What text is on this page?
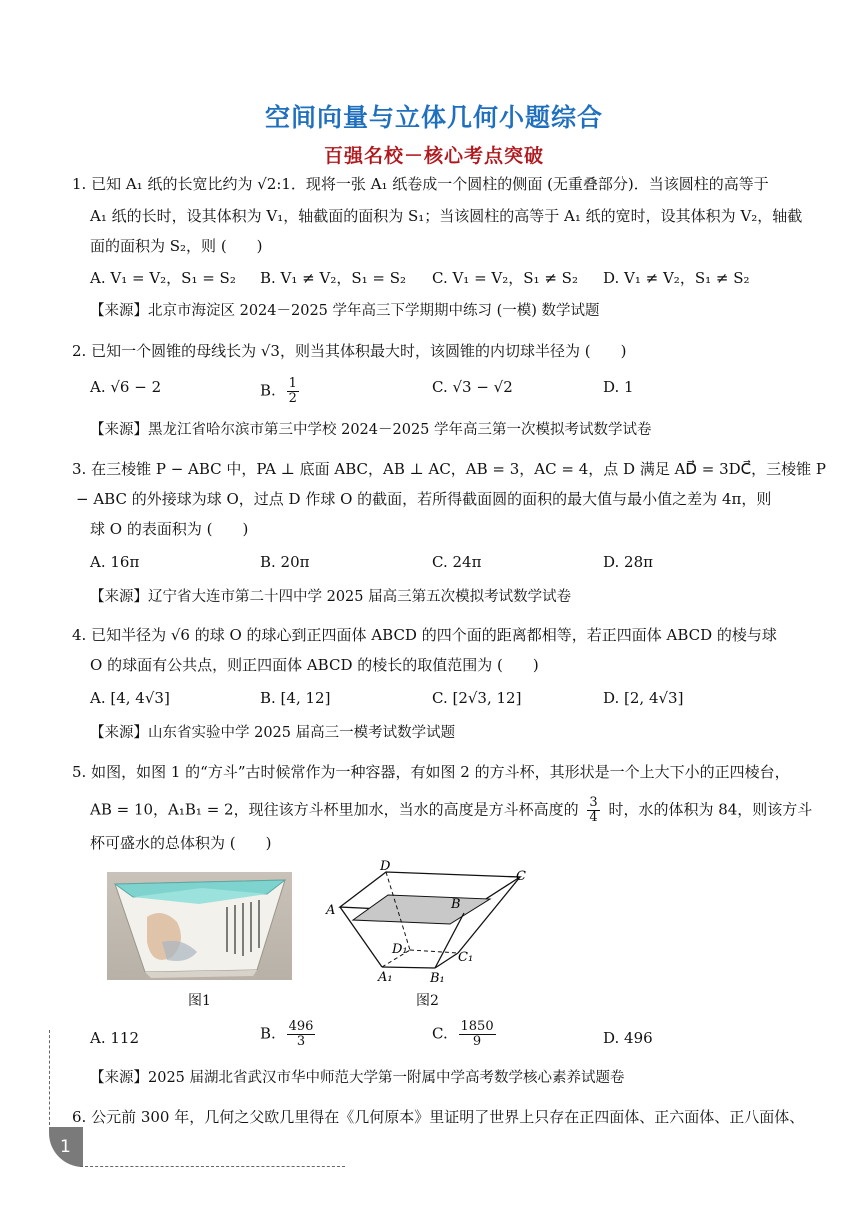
空间向量与立体几何小题综合
百强名校－核心考点突破
1. 已知 A₁ 纸的长宽比约为 √2:1．现将一张 A₁ 纸卷成一个圆柱的侧面 (无重叠部分)．当该圆柱的高等于
A₁ 纸的长时，设其体积为 V₁，轴截面的面积为 S₁；当该圆柱的高等于 A₁ 纸的宽时，设其体积为 V₂，轴截
面的面积为 S₂，则 (　　)
A. V₁ = V₂，S₁ = S₂ B. V₁ ≠ V₂，S₁ = S₂ C. V₁ = V₂，S₁ ≠ S₂ D. V₁ ≠ V₂，S₁ ≠ S₂
【来源】北京市海淀区 2024－2025 学年高三下学期期中练习 (一模) 数学试题
2. 已知一个圆锥的母线长为 √3，则当其体积最大时，该圆锥的内切球半径为 (　　)
A. √6 − 2	B. $\frac{1}{2}$	C. √3 − √2	D. 1
【来源】黑龙江省哈尔滨市第三中学校 2024－2025 学年高三第一次模拟考试数学试卷
3. 在三棱锥 P − ABC 中，PA ⊥ 底面 ABC，AB ⊥ AC，AB = 3，AC = 4，点 D 满足 AD⃗ = 3DC⃗，三棱锥 P
− ABC 的外接球为球 O，过点 D 作球 O 的截面，若所得截面圆的面积的最大值与最小值之差为 4π，则
球 O 的表面积为 (　　)
A. 16π	B. 20π	C. 24π	D. 28π
【来源】辽宁省大连市第二十四中学 2025 届高三第五次模拟考试数学试卷
4. 已知半径为 √6 的球 O 的球心到正四面体 ABCD 的四个面的距离都相等，若正四面体 ABCD 的棱与球
O 的球面有公共点，则正四面体 ABCD 的棱长的取值范围为 (　　)
A. [4, 4√3]	B. [4, 12]	C. [2√3, 12]	D. [2, 4√3]
【来源】山东省实验中学 2025 届高三一模考试数学试题
5. 如图，如图 1 的“方斗”古时候常作为一种容器，有如图 2 的方斗杯，其形状是一个上大下小的正四棱台，
AB = 10，A₁B₁ = 2，现往该方斗杯里加水，当水的高度是方斗杯高度的 $\frac{3}{4}$ 时，水的体积为 84，则该方斗
杯可盛水的总体积为 (　　)
图1
D
C
A	B
D₁
C₁
A₁	B₁
图2
A. 112	B. $\frac{496}{3}$	C. $\frac{1850}{9}$	D. 496
【来源】2025 届湖北省武汉市华中师范大学第一附属中学高考数学核心素养试题卷
6. 公元前 300 年，几何之父欧几里得在《几何原本》里证明了世界上只存在正四面体、正六面体、正八面体、
1
